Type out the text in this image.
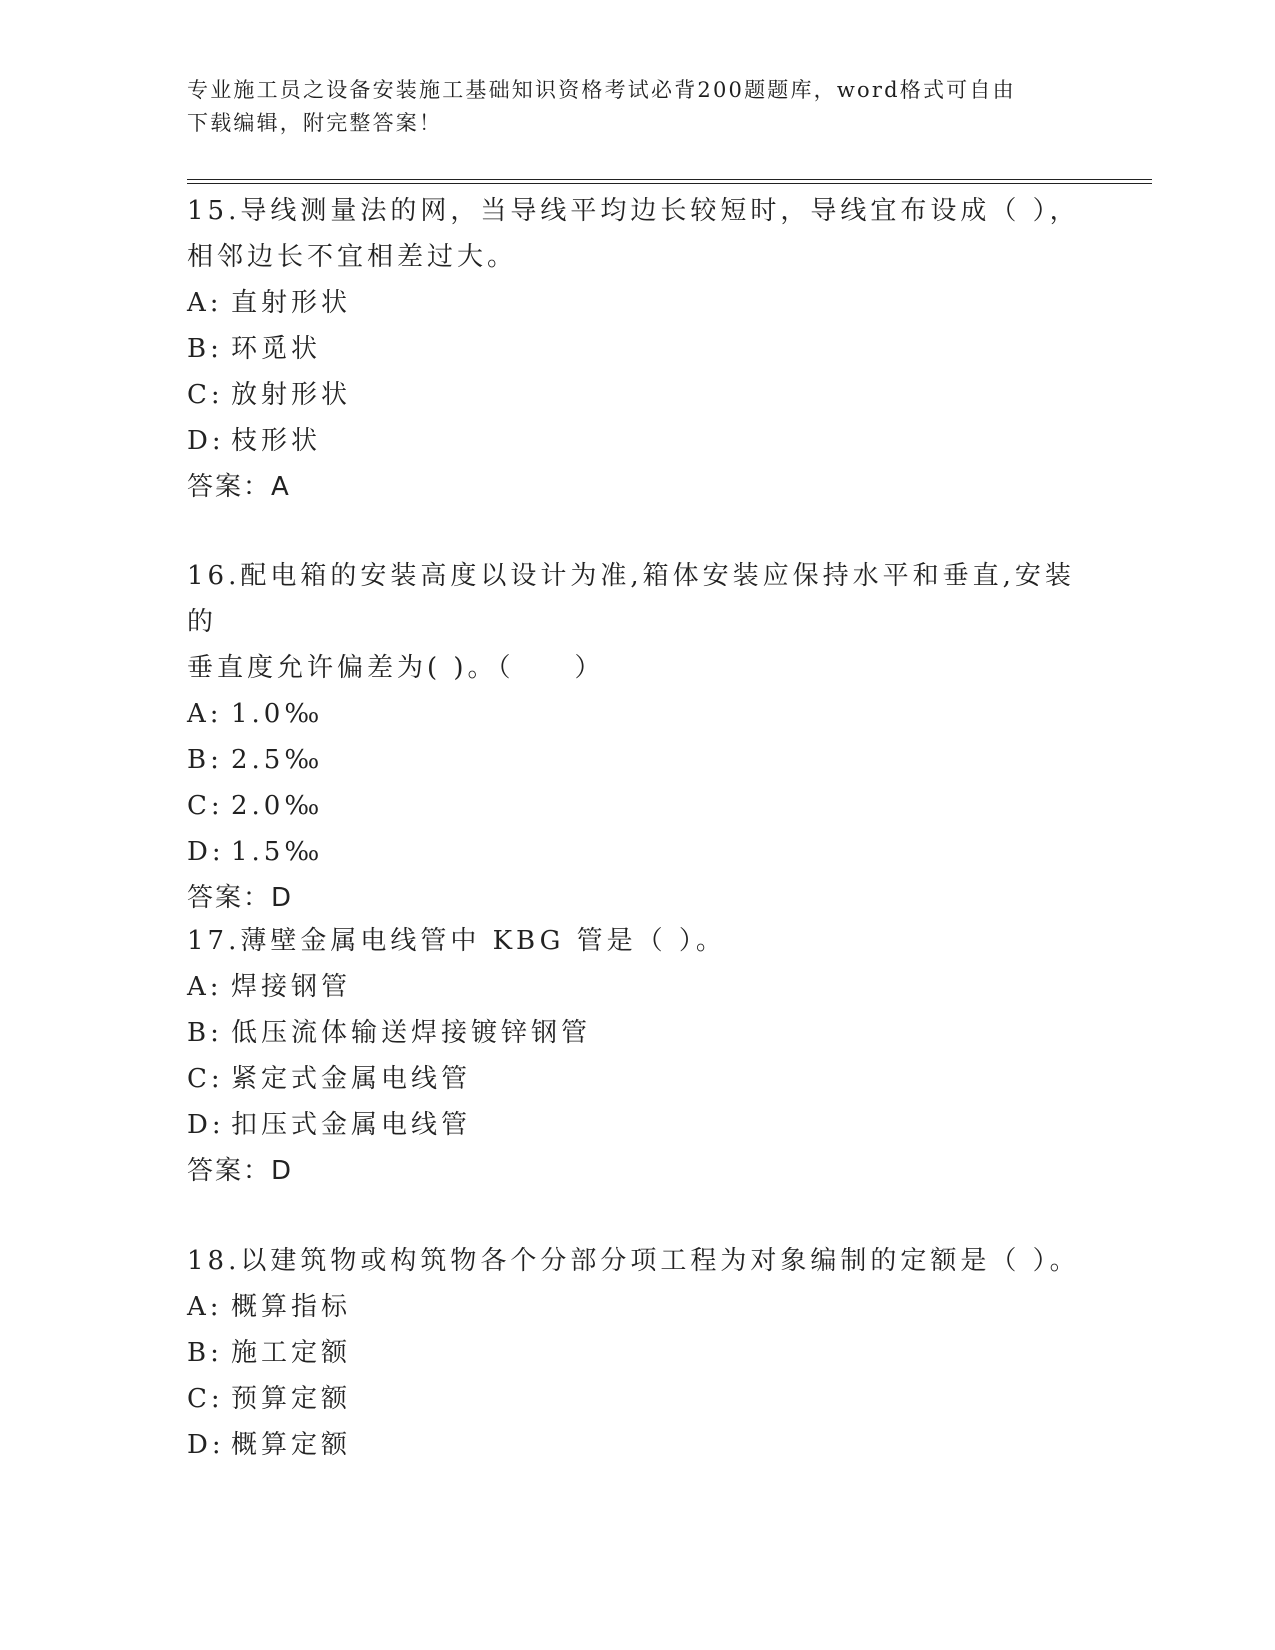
专业施工员之设备安装施工基础知识资格考试必背200题题库，word格式可自由
下载编辑，附完整答案！

15.导线测量法的网，当导线平均边长较短时，导线宜布设成（ ），

相邻边长不宜相差过大。

A: 直射形状

B: 环觅状

C: 放射形状

D: 枝形状

答案：A

16.配电箱的安装高度以设计为准,箱体安装应保持水平和垂直,安装的

垂直度允许偏差为( )。（　　）

A: 1.0‰

B: 2.5‰

C: 2.0‰

D: 1.5‰

答案：D

17.薄壁金属电线管中 KBG 管是（ ）。

A: 焊接钢管

B: 低压流体输送焊接镀锌钢管

C: 紧定式金属电线管

D: 扣压式金属电线管

答案：D

18.以建筑物或构筑物各个分部分项工程为对象编制的定额是（ ）。

A: 概算指标

B: 施工定额

C: 预算定额

D: 概算定额
